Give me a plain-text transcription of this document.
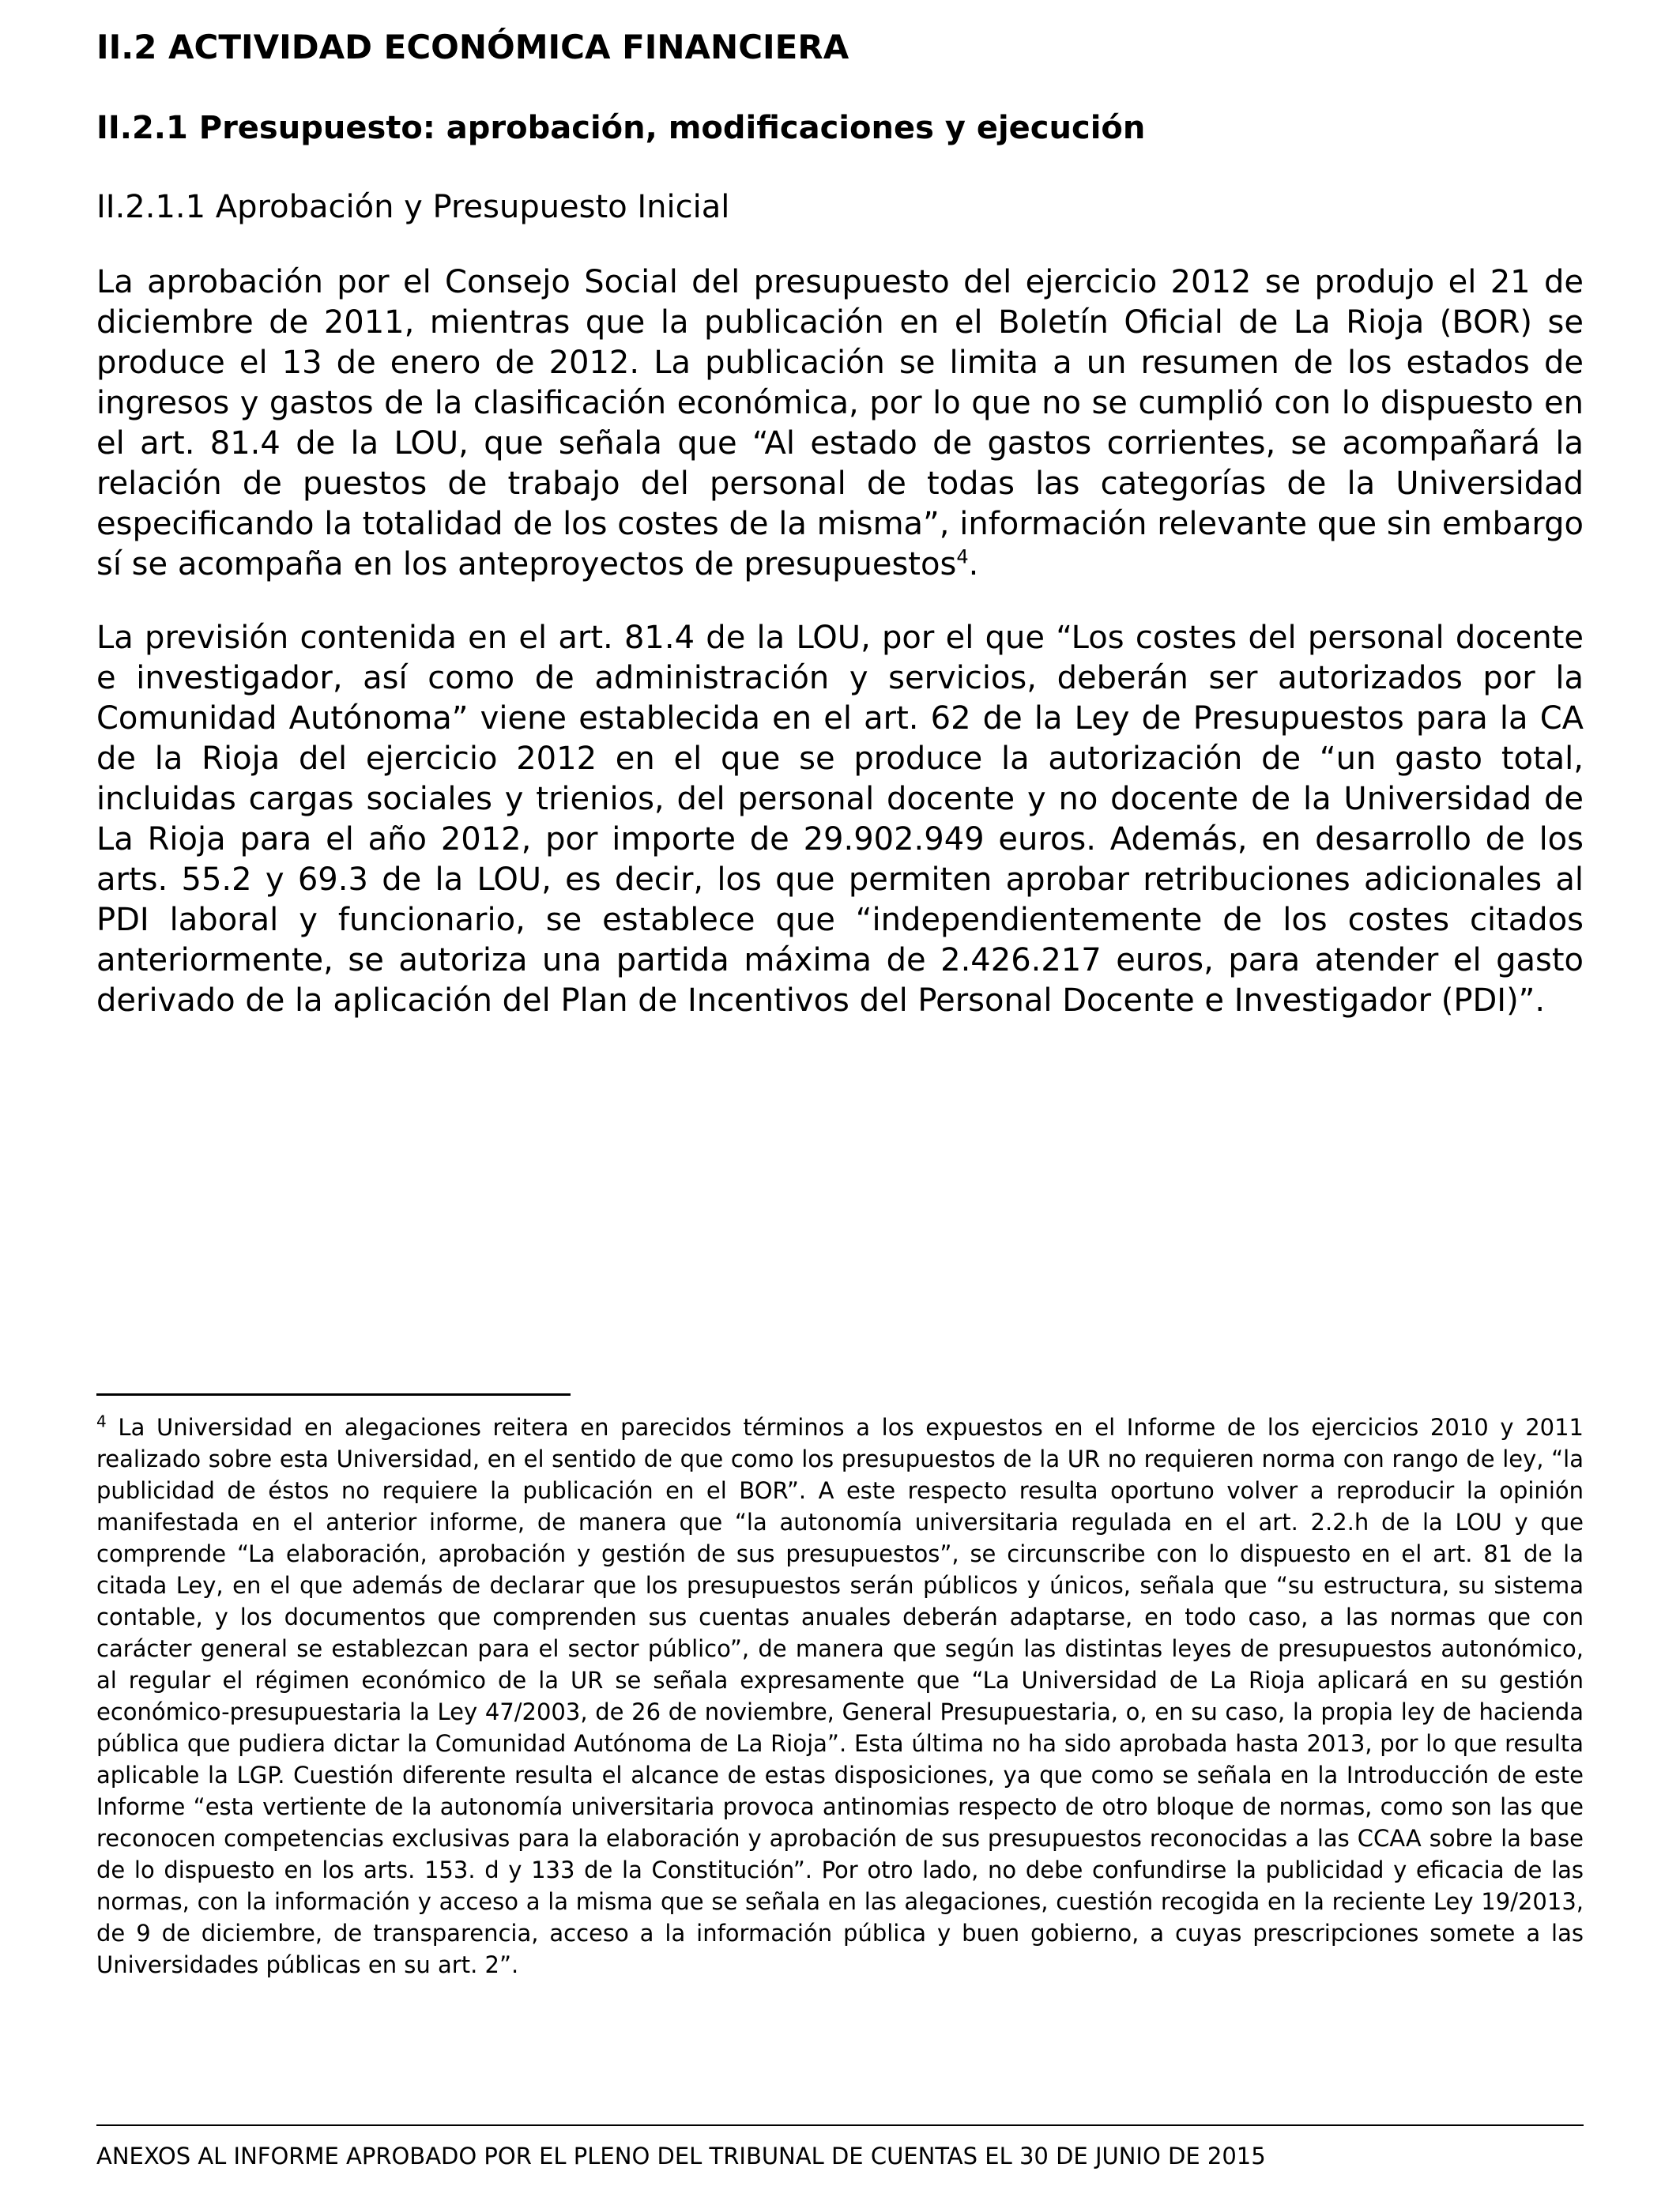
II.2 ACTIVIDAD ECONÓMICA FINANCIERA
II.2.1 Presupuesto: aprobación, modificaciones y ejecución
II.2.1.1 Aprobación y Presupuesto Inicial

La aprobación por el Consejo Social del presupuesto del ejercicio 2012 se produjo el 21 de diciembre de 2011, mientras que la publicación en el Boletín Oficial de La Rioja (BOR) se produce el 13 de enero de 2012. La publicación se limita a un resumen de los estados de ingresos y gastos de la clasificación económica, por lo que no se cumplió con lo dispuesto en el art. 81.4 de la LOU, que señala que “Al estado de gastos corrientes, se acompañará la relación de puestos de trabajo del personal de todas las categorías de la Universidad especificando la totalidad de los costes de la misma”, información relevante que sin embargo sí se acompaña en los anteproyectos de presupuestos$^4$.

La previsión contenida en el art. 81.4 de la LOU, por el que “Los costes del personal docente e investigador, así como de administración y servicios, deberán ser autorizados por la Comunidad Autónoma” viene establecida en el art. 62 de la Ley de Presupuestos para la CA de la Rioja del ejercicio 2012 en el que se produce la autorización de “un gasto total, incluidas cargas sociales y trienios, del personal docente y no docente de la Universidad de La Rioja para el año 2012, por importe de 29.902.949 euros. Además, en desarrollo de los arts. 55.2 y 69.3 de la LOU, es decir, los que permiten aprobar retribuciones adicionales al PDI laboral y funcionario, se establece que “independientemente de los costes citados anteriormente, se autoriza una partida máxima de 2.426.217 euros, para atender el gasto derivado de la aplicación del Plan de Incentivos del Personal Docente e Investigador (PDI)”.

$^4$ La Universidad en alegaciones reitera en parecidos términos a los expuestos en el Informe de los ejercicios 2010 y 2011 realizado sobre esta Universidad, en el sentido de que como los presupuestos de la UR no requieren norma con rango de ley, “la publicidad de éstos no requiere la publicación en el BOR”. A este respecto resulta oportuno volver a reproducir la opinión manifestada en el anterior informe, de manera que “la autonomía universitaria regulada en el art. 2.2.h de la LOU y que comprende “La elaboración, aprobación y gestión de sus presupuestos”, se circunscribe con lo dispuesto en el art. 81 de la citada Ley, en el que además de declarar que los presupuestos serán públicos y únicos, señala que “su estructura, su sistema contable, y los documentos que comprenden sus cuentas anuales deberán adaptarse, en todo caso, a las normas que con carácter general se establezcan para el sector público”, de manera que según las distintas leyes de presupuestos autonómico, al regular el régimen económico de la UR se señala expresamente que “La Universidad de La Rioja aplicará en su gestión económico-presupuestaria la Ley 47/2003, de 26 de noviembre, General Presupuestaria, o, en su caso, la propia ley de hacienda pública que pudiera dictar la Comunidad Autónoma de La Rioja”. Esta última no ha sido aprobada hasta 2013, por lo que resulta aplicable la LGP. Cuestión diferente resulta el alcance de estas disposiciones, ya que como se señala en la Introducción de este Informe “esta vertiente de la autonomía universitaria provoca antinomias respecto de otro bloque de normas, como son las que reconocen competencias exclusivas para la elaboración y aprobación de sus presupuestos reconocidas a las CCAA sobre la base de lo dispuesto en los arts. 153. d y 133 de la Constitución”. Por otro lado, no debe confundirse la publicidad y eficacia de las normas, con la información y acceso a la misma que se señala en las alegaciones, cuestión recogida en la reciente Ley 19/2013, de 9 de diciembre, de transparencia, acceso a la información pública y buen gobierno, a cuyas prescripciones somete a las Universidades públicas en su art. 2”.
ANEXOS AL INFORME APROBADO POR EL PLENO DEL TRIBUNAL DE CUENTAS EL 30 DE JUNIO DE 2015
